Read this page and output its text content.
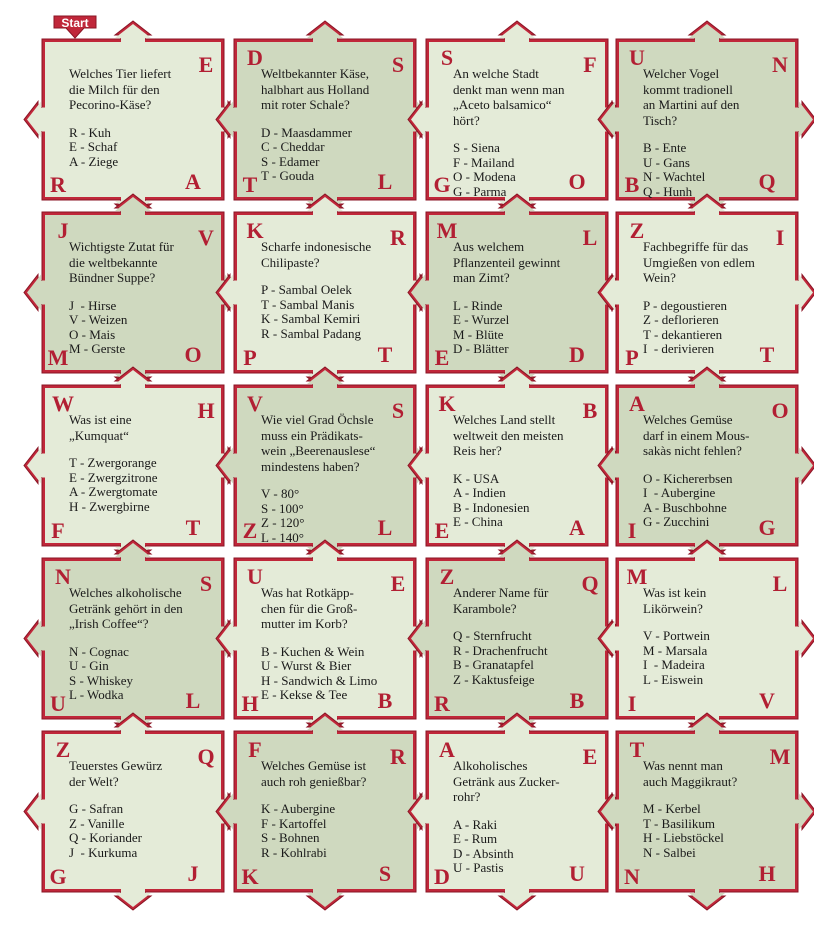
Start
E
A
R
D	S
L
T
S	F
O
G
U	N
Q
B
J	V
O
M
K	R
T
P
M	L
D
E
Z	I
T
P
W	H
T
F
V	S
L
Z
K	B
A
E
A	O
G
I
N	S
L
U
U	E
B
H
Z	Q
B
R
M	L
V
I
Z	Q
J
G
F	R
S
K
A	E
U
D
T	M
H
N
Welches Tier liefert
die Milch für den
Pecorino-Käse?
R - Kuh
E - Schaf
A - Ziege
Weltbekannter Käse,
halbhart aus Holland
mit roter Schale?
D - Maasdammer
C - Cheddar
S - Edamer
T - Gouda
An welche Stadt
denkt man wenn man
„Aceto balsamico“
hört?
S - Siena
F - Mailand
O - Modena
G - Parma
Welcher Vogel
kommt tradionell
an Martini auf den
Tisch?
B - Ente
U - Gans
N - Wachtel
Q - Hunh
Wichtigste Zutat für
die weltbekannte
Bündner Suppe?
J  - Hirse
V - Weizen
O - Mais
M - Gerste
Scharfe indonesische
Chilipaste?
P - Sambal Oelek
T - Sambal Manis
K - Sambal Kemiri
R - Sambal Padang
Aus welchem
Pflanzenteil gewinnt
man Zimt?
L - Rinde
E - Wurzel
M - Blüte
D - Blätter
Fachbegriffe für das
Umgießen von edlem
Wein?
P - degoustieren
Z - deflorieren
T - dekantieren
I  - derivieren
Was ist eine
„Kumquat“
T - Zwergorange
E - Zwergzitrone
A - Zwergtomate
H - Zwergbirne
Wie viel Grad Öchsle
muss ein Prädikats-
wein „Beerenauslese“
mindestens haben?
V - 80°
S - 100°
Z - 120°
L - 140°
Welches Land stellt
weltweit den meisten
Reis her?
K - USA
A - Indien
B - Indonesien
E - China
Welches Gemüse
darf in einem Mous-
sakàs nicht fehlen?
O - Kichererbsen
I  - Aubergine
A - Buschbohne
G - Zucchini
Welches alkoholische
Getränk gehört in den
„Irish Coffee“?
N - Cognac
U - Gin
S - Whiskey
L - Wodka
Was hat Rotkäpp-
chen für die Groß-
mutter im Korb?
B - Kuchen & Wein
U - Wurst & Bier
H - Sandwich & Limo
E - Kekse & Tee
Anderer Name für
Karambole?
Q - Sternfrucht
R - Drachenfrucht
B - Granatapfel
Z - Kaktusfeige
Was ist kein
Likörwein?
V - Portwein
M - Marsala
I  - Madeira
L - Eiswein
Teuerstes Gewürz
der Welt?
G - Safran
Z - Vanille
Q - Koriander
J  - Kurkuma
Welches Gemüse ist
auch roh genießbar?
K - Aubergine
F - Kartoffel
S - Bohnen
R - Kohlrabi
Alkoholisches
Getränk aus Zucker-
rohr?
A - Raki
E - Rum
D - Absinth
U - Pastis
Was nennt man
auch Maggikraut?
M - Kerbel
T - Basilikum
H - Liebstöckel
N - Salbei
